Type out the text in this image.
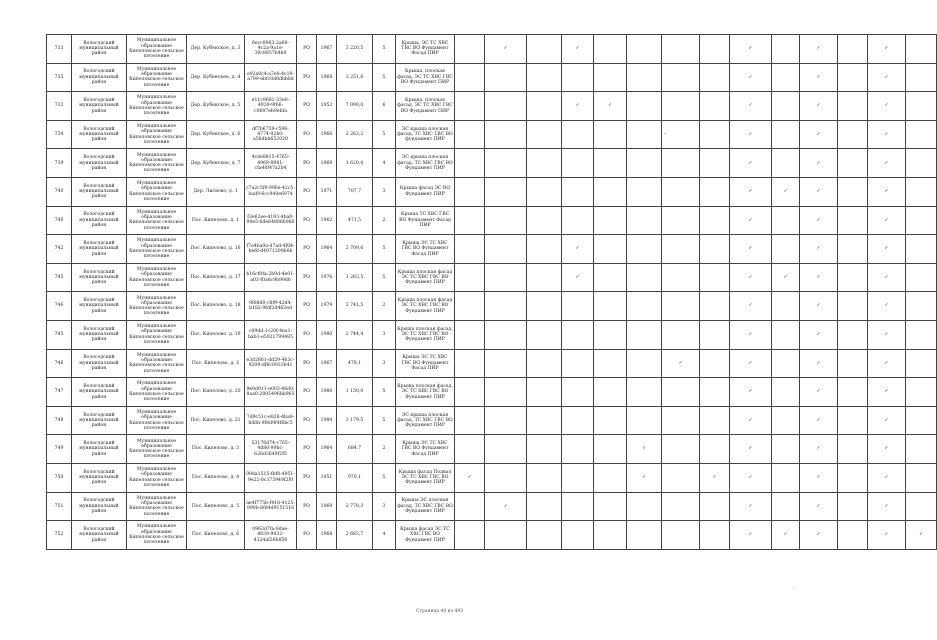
733	Вологодский муниципальный район	Муниципальное образование Кипеловское сельское поселение	Дер. Кубенское, д. 3	6ecc8963-2a60-4c2a-9a1e-30c8857b4b0	РО	1967	3 220,5	5	Крыша, ЭС ТС ХВС ГВС ВО Фундамент Фасад ПИР		✓		✓					✓		✓		✓	
735	Вологодский муниципальный район	Муниципальное образование Кипеловское сельское поселение	Дер. Кубенское, д. 4	e92a0c4-a7e0-4c19-a799-ebfc0d6dbb8d	РО	1968	3 251,6	5	Крыша, плоская фасад, ЭС ТС ХВС ГВС ВО Фундамент ПИР									✓		✓		✓	
733	Вологодский муниципальный район	Муниципальное образование Кипеловское сельское поселение	Дер. Кубенское, д. 5	e11c9681-33e0-4939-9f66-c0687eb9ebfa	РО	1952	7 090,0	6	Крыша, плоская фасад, ЭС ТС ХВС ГВС ВО Фундамент ПИР				✓	✓				✓		✓		✓	
734	Вологодский муниципальный район	Муниципальное образование Кипеловское сельское поселение	Дер. Кубенское, д. 6	df7b6759-c596-4774-92b0-a58dbb652020	РО	1966	2 263,2	5	ЭС крыша плоская фасад, ТС ХВС ГВС ВО фундамент ПИР									✓		✓		✓	
739	Вологодский муниципальный район	Муниципальное образование Кипеловское сельское поселение	Дер. Кубенское, д. 7	4cde8815-4765-4969-8981-cfa40f47a2b4	РО	1969	1 620,0	4	ЭС крыша плоская фасад, ТС ХВС ГВС ВО Фундамент ПИР									✓		✓		✓	
740	Вологодский муниципальный район	Муниципальное образование Кипеловское сельское поселение	Дер. Лисково, д. 1	c7a2c5f9-996e-42c5-bad9-6cc940e6974	РО	1971	707,7	3	Крыша фасад ЭС ВО Фундамент ПИР									✓	✓	✓		✓	
740	Вологодский муниципальный район	Муниципальное образование Кипеловское сельское поселение	Пос. Кипелово, д. 1	f3e62ee-4193-4ba0-99e5-6de648066966	РО	1962	471,5	2	Крыша ТС ХВС ГВС ВО Фундамент Фасад ПИР									✓		✓		✓	
742	Вологодский муниципальный район	Муниципальное образование Кипеловское сельское поселение	Пос. Кипелово, д. 16	f7e4ba9a-d7ad-4f04-be6f-d4971209b0b	РО	1964	2 709,6	5	Крыша ЭС ТС ХВС ГВС ВО Фундамент Фасад ПИР				✓					✓		✓		✓	
745	Вологодский муниципальный район	Муниципальное образование Кипеловское сельское поселение	Пос. Кипелово, д. 17	b16cf0fa-2b9d-4e01-a03-f0a6c9b99d6	РО	1976	1 263,5	5	Крыша плоская фасад ЭС ТС ХВС ГВС ВО Фундамент ПИР				✓					✓	✓	✓		✓	
746	Вологодский муниципальный район	Муниципальное образование Кипеловское сельское поселение	Пос. Кипелово, д. 18	9f88d0-c8f9-42d4-b182-9fdf2d462ed	РО	1979	2 741,5	2	Крыша плоская фасад ЭС ТС ХВС ГВС ВО Фундамент ПИР									✓		✓		✓	
745	Вологодский муниципальный район	Муниципальное образование Кипеловское сельское поселение	Пос. Кипелово, д. 19	c09dd-1c20f-4ea1-bab1-e5021799485	РО	1980	2 744,4	3	Крыша плоская фасад, ЭС ТС ХВС ГВС ВО Фундамент ПИР									✓		✓		✓	
746	Вологодский муниципальный район	Муниципальное образование Кипеловское сельское поселение	Пос. Кипелово, д. 2	e3d2661-dd29-463c-9209-df6c0933641	РО	1967	478,1	3	Крыша ЭС ТС ХВС ГВС ВО Фундамент Фасад ПИР							✓		✓		✓		✓	
747	Вологодский муниципальный район	Муниципальное образование Кипеловское сельское поселение	Пос. Кипелово, д. 20	9e0d911-e003-46d0-8aa0-2805496bb965	РО	1980	1 150,0	5	Крыша плоская фасад, ЭС ТС ХВС ГВС ВО Фундамент ПИР									✓		✓		✓	
748	Вологодский муниципальный район	Муниципальное образование Кипеловское сельское поселение	Пос. Кипелово, д. 21	7d9c51c-e828-4ba8-8d8b-9f8d9f4f6bc5	РО	1984	3 179,5	5	ЭС крыша плоская фасад, ТС ХВС ГВС ВО Фундамент ПИР									✓		✓		✓	
749	Вологодский муниципальный район	Муниципальное образование Кипеловское сельское поселение	Пос. Кипелово, д. 3	53176d74-c765-4d86-99bc-b28d3649f2f5	РО	1964	684,7	2	Крыша ЭС ТС ХВС ГВС ВО Фундамент Фасад ПИР						✓			✓		✓		✓	
750	Вологодский муниципальный район	Муниципальное образование Кипеловское сельское поселение	Пос. Кипелово, д. 4	99da1515-fbf8-4951-9e22-8c373949f2f0	РО	1951	970,1	5	Крыша фасад Подвал ЭС ТС ХВС ГВС ВО Фундамент ПИР	✓					✓		✓	✓		✓		✓	
751	Вологодский муниципальный район	Муниципальное образование Кипеловское сельское поселение	Пос. Кипелово, д. 5	ae4f775b-f418-4125-990b-8fd4d9151516	РО	1969	2 778,3	3	Крыша ЭС плоская фасад, ТС ХВС ГВС ВО Фундамент ПИР		✓							✓		✓		✓	
752	Вологодский муниципальный район	Муниципальное образование Кипеловское сельское поселение	Пос. Кипелово, д. 6	0963d7fa-8dae-4839-9432-4324af26b856	РО	1968	2 683,7	4	Крыша фасад ЭС ТС ХВС ГВС ВО Фундамент ПИР									✓	✓	✓		✓	✓
-
·
Страница 40 из 493
